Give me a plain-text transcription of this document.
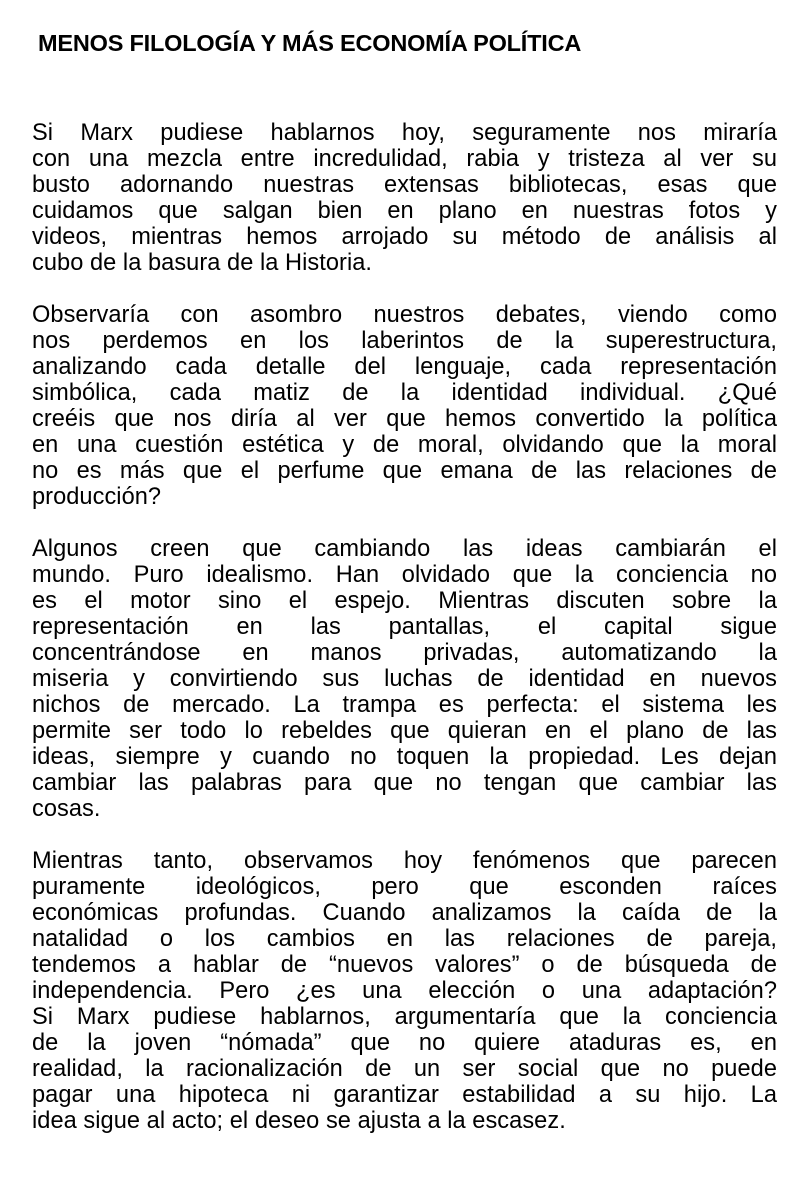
MENOS FILOLOGÍA Y MÁS ECONOMÍA POLÍTICA

Si Marx pudiese hablarnos hoy, seguramente nos miraría
con una mezcla entre incredulidad, rabia y tristeza al ver su
busto adornando nuestras extensas bibliotecas, esas que
cuidamos que salgan bien en plano en nuestras fotos y
videos, mientras hemos arrojado su método de análisis al
cubo de la basura de la Historia.

Observaría con asombro nuestros debates, viendo como
nos perdemos en los laberintos de la superestructura,
analizando cada detalle del lenguaje, cada representación
simbólica, cada matiz de la identidad individual. ¿Qué
creéis que nos diría al ver que hemos convertido la política
en una cuestión estética y de moral, olvidando que la moral
no es más que el perfume que emana de las relaciones de
producción?

Algunos creen que cambiando las ideas cambiarán el
mundo. Puro idealismo. Han olvidado que la conciencia no
es el motor sino el espejo. Mientras discuten sobre la
representación en las pantallas, el capital sigue
concentrándose en manos privadas, automatizando la
miseria y convirtiendo sus luchas de identidad en nuevos
nichos de mercado. La trampa es perfecta: el sistema les
permite ser todo lo rebeldes que quieran en el plano de las
ideas, siempre y cuando no toquen la propiedad. Les dejan
cambiar las palabras para que no tengan que cambiar las
cosas.

Mientras tanto, observamos hoy fenómenos que parecen
puramente ideológicos, pero que esconden raíces
económicas profundas. Cuando analizamos la caída de la
natalidad o los cambios en las relaciones de pareja,
tendemos a hablar de “nuevos valores” o de búsqueda de
independencia. Pero ¿es una elección o una adaptación?
Si Marx pudiese hablarnos, argumentaría que la conciencia
de la joven “nómada” que no quiere ataduras es, en
realidad, la racionalización de un ser social que no puede
pagar una hipoteca ni garantizar estabilidad a su hijo. La
idea sigue al acto; el deseo se ajusta a la escasez.
